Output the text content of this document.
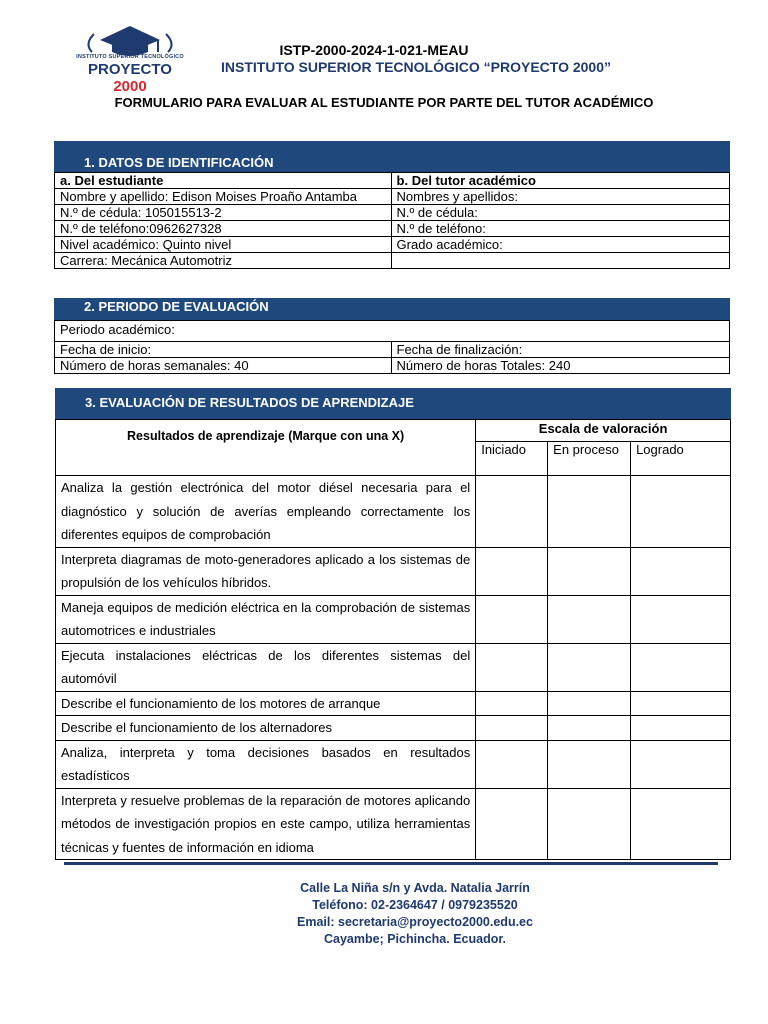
INSTITUTO SUPERIOR TECNOLÓGICO
PROYECTO 2000
ISTP-2000-2024-1-021-MEAU
INSTITUTO SUPERIOR TECNOLÓGICO “PROYECTO 2000”
FORMULARIO PARA EVALUAR AL ESTUDIANTE POR PARTE DEL TUTOR ACADÉMICO
1. DATOS DE IDENTIFICACIÓN
a. Del estudiante	b. Del tutor académico
Nombre y apellido: Edison Moises Proaño Antamba	Nombres y apellidos:
N.º de cédula: 105015513-2	N.º de cédula:
N.º de teléfono:0962627328	N.º de teléfono:
Nivel académico: Quinto nivel	Grado académico:
Carrera: Mecánica Automotriz	
2. PERIODO DE EVALUACIÓN
Periodo académico:	
Fecha de inicio:	Fecha de finalización:
Número de horas semanales: 40	Número de horas Totales: 240
3. EVALUACIÓN DE RESULTADOS DE APRENDIZAJE
Resultados de aprendizaje (Marque con una X)	Escala de valoración		
	Iniciado	En proceso	Logrado
Analiza la gestión electrónica del motor diésel necesaria para el diagnóstico y solución de averías empleando correctamente los diferentes equipos de comprobación			
Interpreta diagramas de moto-generadores aplicado a los sistemas de propulsión de los vehículos híbridos.			
Maneja equipos de medición eléctrica en la comprobación de sistemas automotrices e industriales			
Ejecuta instalaciones eléctricas de los diferentes sistemas del automóvil			
Describe el funcionamiento de los motores de arranque			
Describe el funcionamiento de los alternadores			
Analiza, interpreta y toma decisiones basados en resultados estadísticos			
Interpreta y resuelve problemas de la reparación de motores aplicando métodos de investigación propios en este campo, utiliza herramientas técnicas y fuentes de información en idioma			
Calle La Niña s/n y Avda. Natalia Jarrín
Teléfono: 02-2364647 / 0979235520
Email: secretaria@proyecto2000.edu.ec
Cayambe; Pichincha. Ecuador.
